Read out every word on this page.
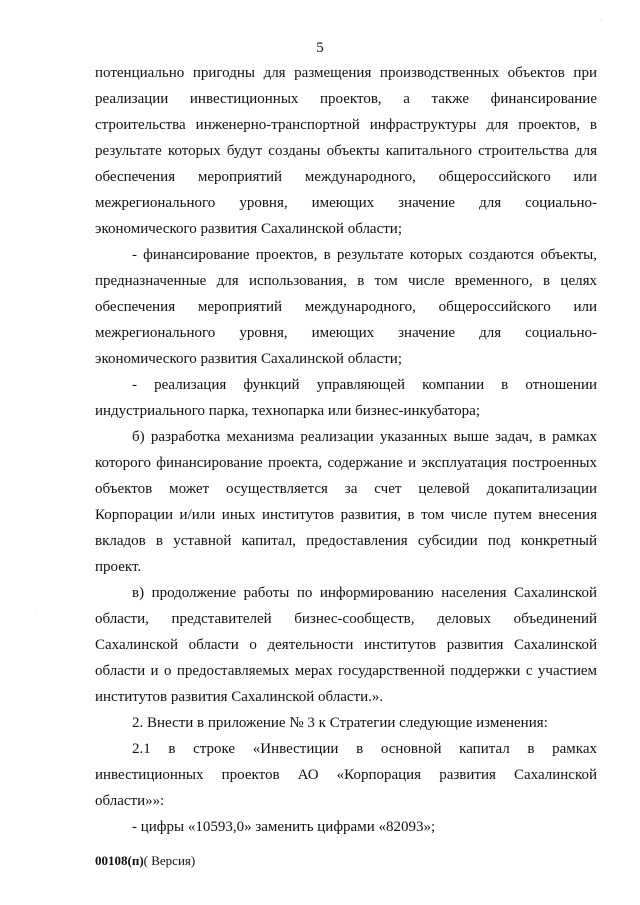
5

потенциально пригодны для размещения производственных объектов при реализации инвестиционных проектов, а также финансирование строительства инженерно-транспортной инфраструктуры для проектов, в результате которых будут созданы объекты капитального строительства для обеспечения мероприятий международного, общероссийского или межрегионального уровня, имеющих значение для социально-экономического развития Сахалинской области;

- финансирование проектов, в результате которых создаются объекты, предназначенные для использования, в том числе временного, в целях обеспечения мероприятий международного, общероссийского или межрегионального уровня, имеющих значение для социально-экономического развития Сахалинской области;

- реализация функций управляющей компании в отношении индустриального парка, технопарка или бизнес-инкубатора;

б) разработка механизма реализации указанных выше задач, в рамках которого финансирование проекта, содержание и эксплуатация построенных объектов может осуществляется за счет целевой докапитализации Корпорации и/или иных институтов развития, в том числе путем внесения вкладов в уставной капитал, предоставления субсидии под конкретный проект.

в) продолжение работы по информированию населения Сахалинской области, представителей бизнес-сообществ, деловых объединений Сахалинской области о деятельности институтов развития Сахалинской области и о предоставляемых мерах государственной поддержки с участием институтов развития Сахалинской области.».

2. Внести в приложение № 3 к Стратегии следующие изменения:

2.1 в строке «Инвестиции в основной капитал в рамках инвестиционных проектов АО «Корпорация развития Сахалинской области»»:

- цифры «10593,0» заменить цифрами «82093»;

00108(п)( Версия)
